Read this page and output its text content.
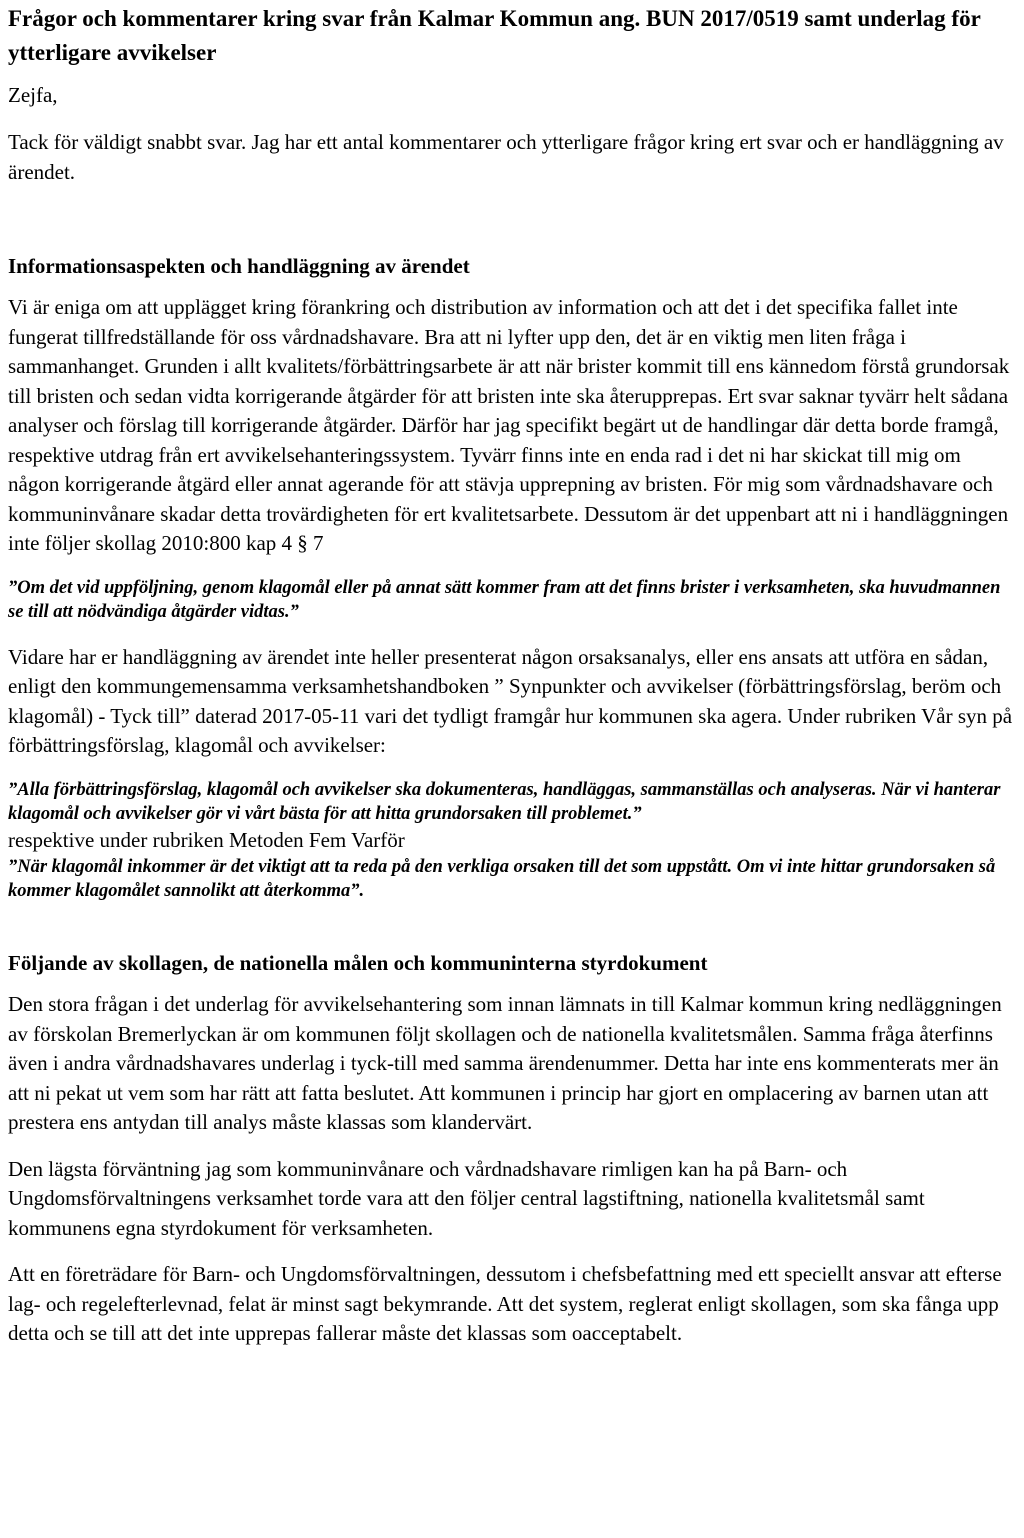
Frågor och kommentarer kring svar från Kalmar Kommun ang. BUN 2017/0519 samt underlag för ytterligare avvikelser

Zejfa,

Tack för väldigt snabbt svar. Jag har ett antal kommentarer och ytterligare frågor kring ert svar och er handläggning av ärendet.

Informationsaspekten och handläggning av ärendet

Vi är eniga om att upplägget kring förankring och distribution av information och att det i det specifika fallet inte fungerat tillfredställande för oss vårdnadshavare. Bra att ni lyfter upp den, det är en viktig men liten fråga i sammanhanget. Grunden i allt kvalitets/förbättringsarbete är att när brister kommit till ens kännedom förstå grundorsak till bristen och sedan vidta korrigerande åtgärder för att bristen inte ska återupprepas. Ert svar saknar tyvärr helt sådana analyser och förslag till korrigerande åtgärder. Därför har jag specifikt begärt ut de handlingar där detta borde framgå, respektive utdrag från ert avvikelsehanteringssystem. Tyvärr finns inte en enda rad i det ni har skickat till mig om någon korrigerande åtgärd eller annat agerande för att stävja upprepning av bristen. För mig som vårdnadshavare och kommuninvånare skadar detta trovärdigheten för ert kvalitetsarbete. Dessutom är det uppenbart att ni i handläggningen inte följer skollag 2010:800 kap 4 § 7

”Om det vid uppföljning, genom klagomål eller på annat sätt kommer fram att det finns brister i verksamheten, ska huvudmannen se till att nödvändiga åtgärder vidtas.”

Vidare har er handläggning av ärendet inte heller presenterat någon orsaksanalys, eller ens ansats att utföra en sådan, enligt den kommungemensamma verksamhetshandboken ” Synpunkter och avvikelser (förbättringsförslag, beröm och klagomål) - Tyck till” daterad 2017-05-11 vari det tydligt framgår hur kommunen ska agera. Under rubriken Vår syn på förbättringsförslag, klagomål och avvikelser:

”Alla förbättringsförslag, klagomål och avvikelser ska dokumenteras, handläggas, sammanställas och analyseras. När vi hanterar klagomål och avvikelser gör vi vårt bästa för att hitta grundorsaken till problemet.”

respektive under rubriken Metoden Fem Varför

”När klagomål inkommer är det viktigt att ta reda på den verkliga orsaken till det som uppstått. Om vi inte hittar grundorsaken så kommer klagomålet sannolikt att återkomma”.

Följande av skollagen, de nationella målen och kommuninterna styrdokument

Den stora frågan i det underlag för avvikelsehantering som innan lämnats in till Kalmar kommun kring nedläggningen av förskolan Bremerlyckan är om kommunen följt skollagen och de nationella kvalitetsmålen. Samma fråga återfinns även i andra vårdnadshavares underlag i tyck-till med samma ärendenummer. Detta har inte ens kommenterats mer än att ni pekat ut vem som har rätt att fatta beslutet. Att kommunen i princip har gjort en omplacering av barnen utan att prestera ens antydan till analys måste klassas som klandervärt.

Den lägsta förväntning jag som kommuninvånare och vårdnadshavare rimligen kan ha på Barn- och Ungdomsförvaltningens verksamhet torde vara att den följer central lagstiftning, nationella kvalitetsmål samt kommunens egna styrdokument för verksamheten.

Att en företrädare för Barn- och Ungdomsförvaltningen, dessutom i chefsbefattning med ett speciellt ansvar att efterse lag- och regelefterlevnad, felat är minst sagt bekymrande. Att det system, reglerat enligt skollagen, som ska fånga upp detta och se till att det inte upprepas fallerar måste det klassas som oacceptabelt.
